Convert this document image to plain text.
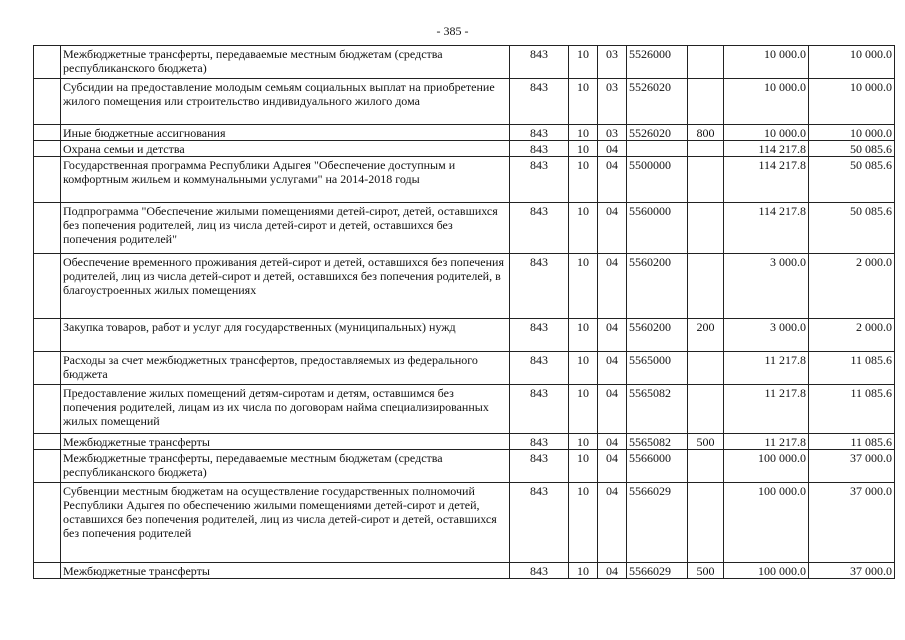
- 385 -
	Межбюджетные трансферты, передаваемые местным бюджетам (средства республиканского бюджета)	843	10	03	5526000		10 000.0	10 000.0
	Субсидии на предоставление молодым семьям социальных выплат на приобретение жилого помещения или строительство индивидуального жилого дома	843	10	03	5526020		10 000.0	10 000.0
	Иные бюджетные ассигнования	843	10	03	5526020	800	10 000.0	10 000.0
	Охрана семьи и детства	843	10	04			114 217.8	50 085.6
	Государственная программа Республики Адыгея "Обеспечение доступным и комфортным жильем и коммунальными услугами" на 2014-2018 годы	843	10	04	5500000		114 217.8	50 085.6
	Подпрограмма "Обеспечение жилыми помещениями детей-сирот, детей, оставшихся без попечения родителей, лиц из числа детей-сирот и детей, оставшихся без попечения родителей"	843	10	04	5560000		114 217.8	50 085.6
	Обеспечение временного проживания детей-сирот и детей, оставшихся без попечения родителей, лиц из числа детей-сирот и детей, оставшихся без попечения родителей, в благоустроенных жилых помещениях	843	10	04	5560200		3 000.0	2 000.0
	Закупка товаров, работ и услуг для государственных (муниципальных) нужд	843	10	04	5560200	200	3 000.0	2 000.0
	Расходы за счет межбюджетных трансфертов, предоставляемых из федерального бюджета	843	10	04	5565000		11 217.8	11 085.6
	Предоставление жилых помещений детям-сиротам и детям, оставшимся без попечения родителей, лицам из их числа по договорам найма специализированных жилых помещений	843	10	04	5565082		11 217.8	11 085.6
	Межбюджетные трансферты	843	10	04	5565082	500	11 217.8	11 085.6
	Межбюджетные трансферты, передаваемые местным бюджетам (средства республиканского бюджета)	843	10	04	5566000		100 000.0	37 000.0
	Субвенции местным бюджетам на осуществление государственных полномочий Республики Адыгея по обеспечению жилыми помещениями детей-сирот и детей, оставшихся без попечения родителей, лиц из числа детей-сирот и детей, оставшихся без попечения родителей	843	10	04	5566029		100 000.0	37 000.0
	Межбюджетные трансферты	843	10	04	5566029	500	100 000.0	37 000.0
